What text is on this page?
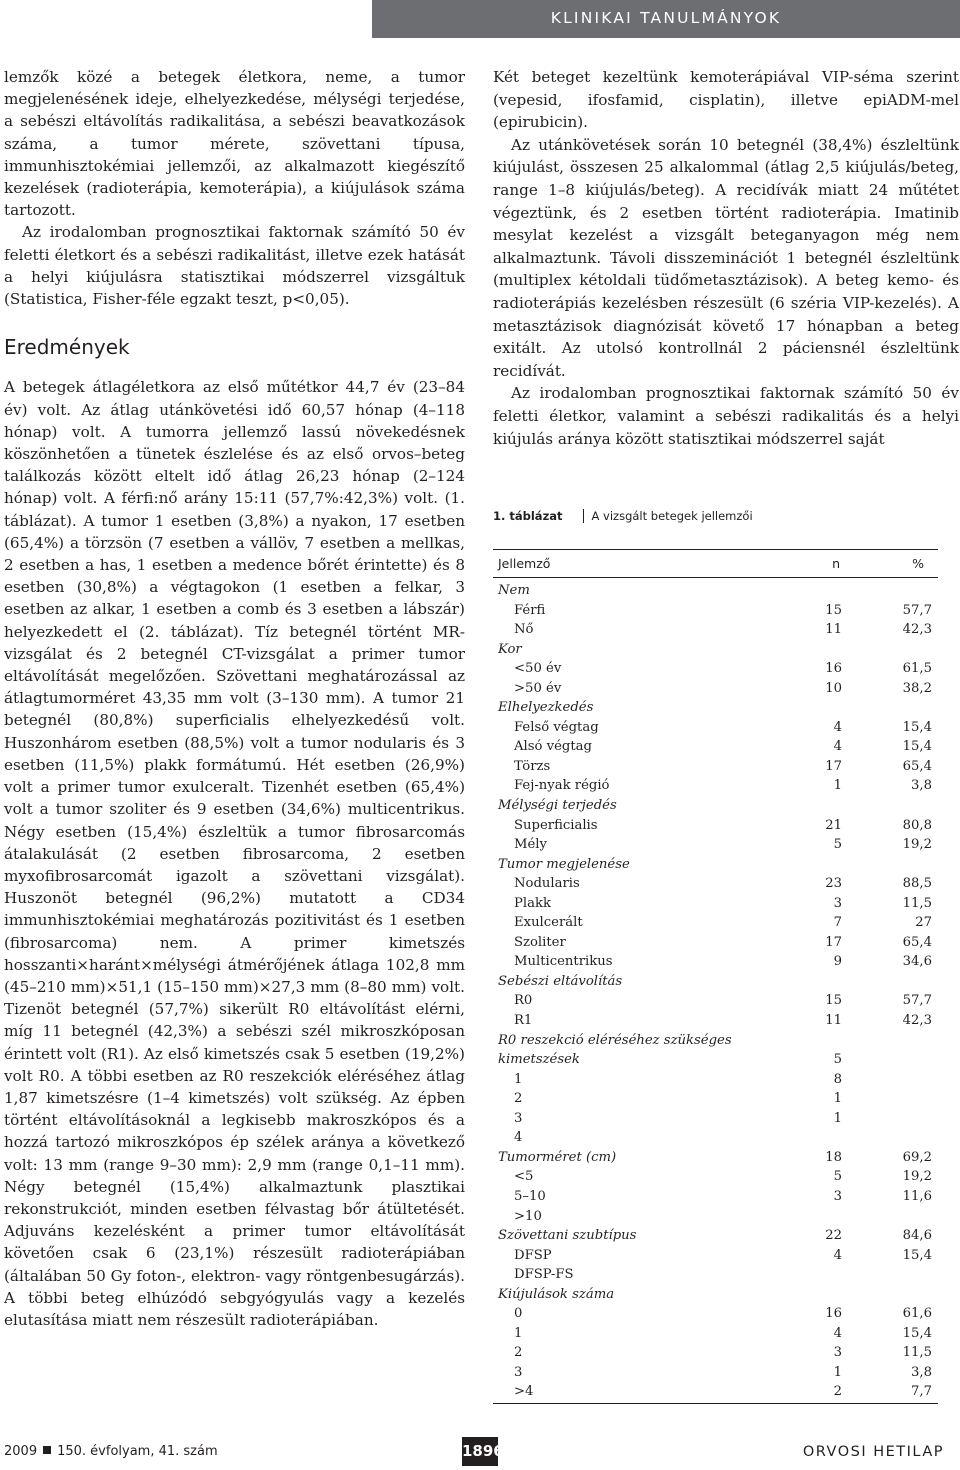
KLINIKAI TANULMÁNYOK

lemzők közé a betegek életkora, neme, a tumor megjelenésének ideje, elhelyezkedése, mélységi terjedése, a sebészi eltávolítás radikalitása, a sebészi beavatkozások száma, a tumor mérete, szövettani típusa, immunhisztokémiai jellemzői, az alkalmazott kiegészítő kezelések (radioterápia, kemoterápia), a kiújulások száma tartozott.

Az irodalomban prognosztikai faktornak számító 50 év feletti életkort és a sebészi radikalitást, illetve ezek hatását a helyi kiújulásra statisztikai módszerrel vizsgáltuk (Statistica, Fisher-féle egzakt teszt, p<0,05).

Eredmények

A betegek átlagéletkora az első műtétkor 44,7 év (23–84 év) volt. Az átlag utánkövetési idő 60,57 hónap (4–118 hónap) volt. A tumorra jellemző lassú növekedésnek köszönhetően a tünetek észlelése és az első orvos–beteg találkozás között eltelt idő átlag 26,23 hónap (2–124 hónap) volt. A férfi:nő arány 15:11 (57,7%:42,3%) volt. (1. táblázat). A tumor 1 esetben (3,8%) a nyakon, 17 esetben (65,4%) a törzsön (7 esetben a vállöv, 7 esetben a mellkas, 2 esetben a has, 1 esetben a medence bőrét érintette) és 8 esetben (30,8%) a végtagokon (1 esetben a felkar, 3 esetben az alkar, 1 esetben a comb és 3 esetben a lábszár) helyezkedett el (2. táblázat). Tíz betegnél történt MR-vizsgálat és 2 betegnél CT-vizsgálat a primer tumor eltávolítását megelőzően. Szövettani meghatározással az átlagtumorméret 43,35 mm volt (3–130 mm). A tumor 21 betegnél (80,8%) superficialis elhelyezkedésű volt. Huszonhárom esetben (88,5%) volt a tumor nodularis és 3 esetben (11,5%) plakk formátumú. Hét esetben (26,9%) volt a primer tumor exulceralt. Tizenhét esetben (65,4%) volt a tumor szoliter és 9 esetben (34,6%) multicentrikus. Négy esetben (15,4%) észleltük a tumor fibrosarcomás átalakulását (2 esetben fibrosarcoma, 2 esetben myxofibrosarcomát igazolt a szövettani vizsgálat). Huszonöt betegnél (96,2%) mutatott a CD34 immunhisztokémiai meghatározás pozitivitást és 1 esetben (fibrosarcoma) nem. A primer kimetszés hosszanti×haránt×mélységi átmérőjének átlaga 102,8 mm (45–210 mm)×51,1 (15–150 mm)×27,3 mm (8–80 mm) volt. Tizenöt betegnél (57,7%) sikerült R0 eltávolítást elérni, míg 11 betegnél (42,3%) a sebészi szél mikroszkóposan érintett volt (R1). Az első kimetszés csak 5 esetben (19,2%) volt R0. A többi esetben az R0 reszekciók eléréséhez átlag 1,87 kimetszésre (1–4 kimetszés) volt szükség. Az épben történt eltávolításoknál a legkisebb makroszkópos és a hozzá tartozó mikroszkópos ép szélek aránya a következő volt: 13 mm (range 9–30 mm): 2,9 mm (range 0,1–11 mm). Négy betegnél (15,4%) alkalmaztunk plasztikai rekonstrukciót, minden esetben félvastag bőr átültetését. Adjuváns kezelésként a primer tumor eltávolítását követően csak 6 (23,1%) részesült radioterápiában (általában 50 Gy foton-, elektron- vagy röntgenbesugárzás). A többi beteg elhúzódó sebgyógyulás vagy a kezelés elutasítása miatt nem részesült radioterápiában.

Két beteget kezeltünk kemoterápiával VIP-séma szerint (vepesid, ifosfamid, cisplatin), illetve epiADM-mel (epirubicin).

Az utánkövetések során 10 betegnél (38,4%) észleltünk kiújulást, összesen 25 alkalommal (átlag 2,5 kiújulás/beteg, range 1–8 kiújulás/beteg). A recidívák miatt 24 műtétet végeztünk, és 2 esetben történt radioterápia. Imatinib mesylat kezelést a vizsgált beteganyagon még nem alkalmaztunk. Távoli disszeminációt 1 betegnél észleltünk (multiplex kétoldali tüdőmetasztázisok). A beteg kemo- és radioterápiás kezelésben részesült (6 széria VIP-kezelés). A metasztázisok diagnózisát követő 17 hónapban a beteg exitált. Az utolsó kontrollnál 2 páciensnél észleltünk recidívát.

Az irodalomban prognosztikai faktornak számító 50 év feletti életkor, valamint a sebészi radikalitás és a helyi kiújulás aránya között statisztikai módszerrel saját

1. táblázat	A vizsgált betegek jellemzői
Jellemző	n	%
Nem
Férfi	15	57,7
Nő	11	42,3
Kor
<50 év	16	61,5
>50 év	10	38,2
Elhelyezkedés
Felső végtag	4	15,4
Alsó végtag	4	15,4
Törzs	17	65,4
Fej-nyak régió	1	3,8
Mélységi terjedés
Superficialis	21	80,8
Mély	5	19,2
Tumor megjelenése
Nodularis	23	88,5
Plakk	3	11,5
Exulcerált	7	27
Szoliter	17	65,4
Multicentrikus	9	34,6
Sebészi eltávolítás
R0	15	57,7
R1	11	42,3
R0 reszekció eléréséhez szükséges
kimetszések	5
1	8
2	1
3	1
4
Tumorméret (cm)	18	69,2
<5	5	19,2
5–10	3	11,6
>10
Szövettani szubtípus	22	84,6
DFSP	4	15,4
DFSP-FS
Kiújulások száma
0	16	61,6
1	4	15,4
2	3	11,5
3	1	3,8
>4	2	7,7
2009 150. évfolyam, 41. szám	1896	ORVOSI HETILAP
